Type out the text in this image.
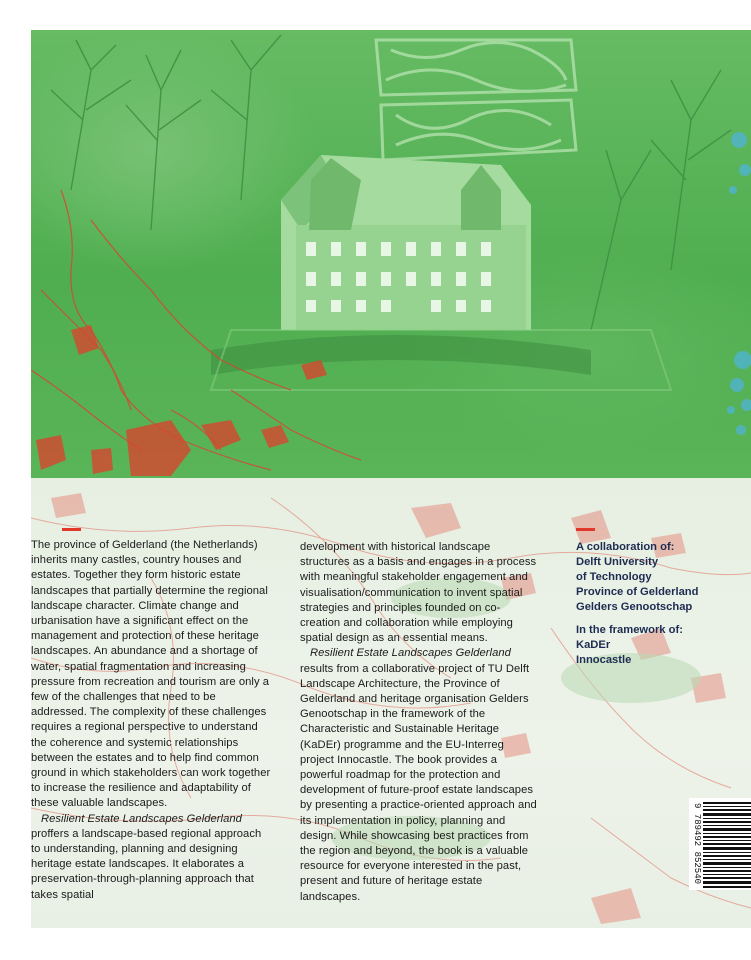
The province of Gelderland (the Netherlands) inherits many castles, country houses and estates. Together they form historic estate landscapes that partially determine the regional landscape character. Climate change and urbanisation have a significant effect on the management and protection of these heritage landscapes. An abundance and a shortage of water, spatial fragmentation and increasing pressure from recreation and tourism are only a few of the challenges that need to be addressed. The complexity of these challenges requires a regional perspective to understand the coherence and systemic relationships between the estates and to help find common ground in which stakeholders can work together to increase the resilience and adaptability of these valuable landscapes.

Resilient Estate Landscapes Gelderland proffers a landscape-based regional approach to understanding, planning and designing heritage estate landscapes. It elaborates a preservation-through-planning approach that takes spatial

development with historical landscape structures as a basis and engages in a process with meaningful stakeholder engagement and visualisation/communication to invent spatial strategies and principles founded on co-creation and collaboration while employing spatial design as an essential means.

Resilient Estate Landscapes Gelderland results from a collaborative project of TU Delft Landscape Architecture, the Province of Gelderland and heritage organisation Gelders Genootschap in the framework of the Characteristic and Sustainable Heritage (KaDEr) programme and the EU-Interreg project Innocastle. The book provides a powerful roadmap for the protection and development of future-proof estate landscapes by presenting a practice-oriented approach and its implementation in policy, planning and design. While showcasing best practices from the region and beyond, the book is a valuable resource for everyone interested in the past, present and future of heritage estate landscapes.

A collaboration of:
Delft University
of Technology
Province of Gelderland
Gelders Genootschap
In the framework of:
KaDEr
Innocastle
9 789492 852540
